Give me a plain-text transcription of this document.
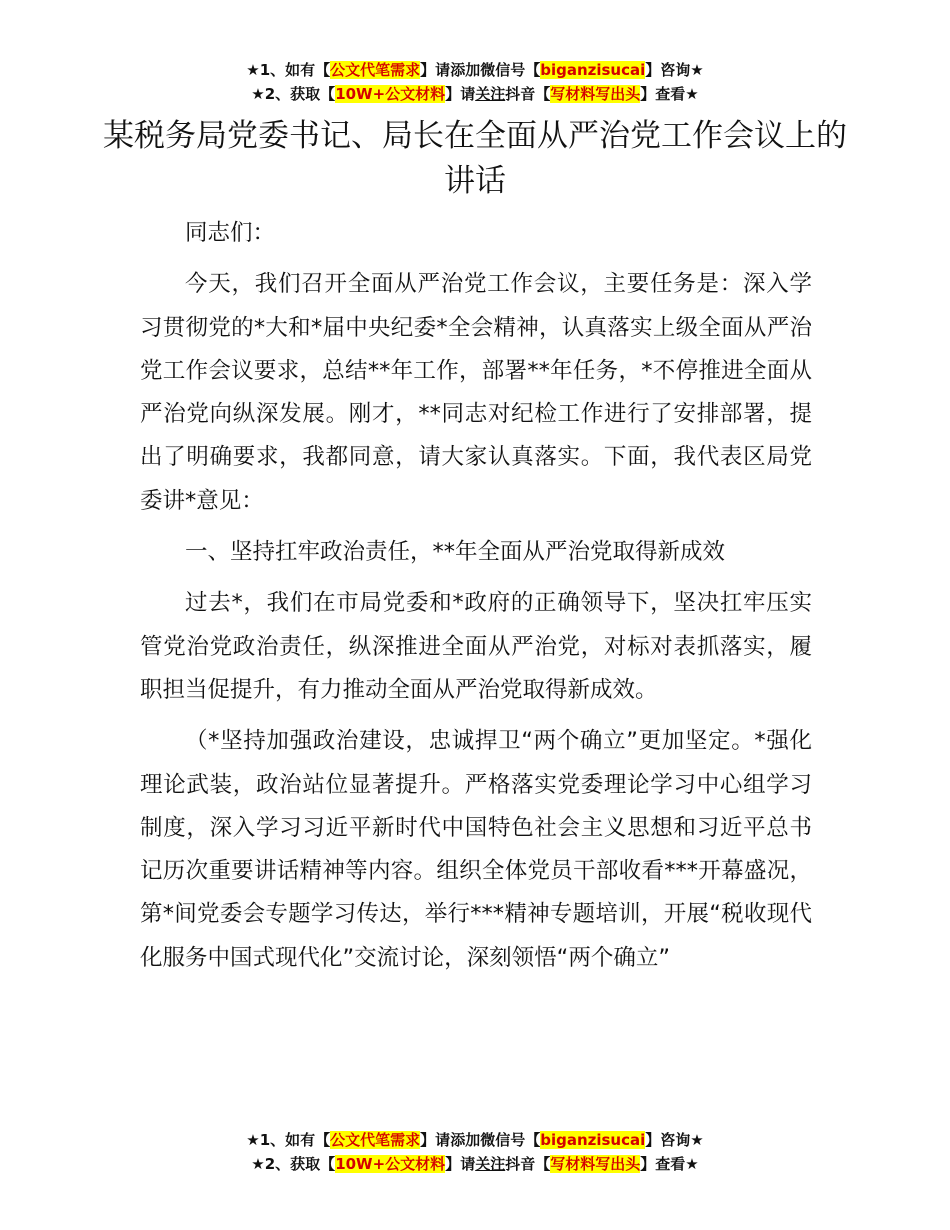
★1、如有【公文代笔需求】请添加微信号【biganzisucai】咨询★
★2、获取【10W+公文材料】请关注抖音【写材料写出头】查看★
某税务局党委书记、局长在全面从严治党工作会议上的讲话

同志们：

今天，我们召开全面从严治党工作会议，主要任务是：深入学习贯彻党的*大和*届中央纪委*全会精神，认真落实上级全面从严治党工作会议要求，总结**年工作，部署**年任务，*不停推进全面从严治党向纵深发展。刚才，**同志对纪检工作进行了安排部署，提出了明确要求，我都同意，请大家认真落实。下面，我代表区局党委讲*意见：

一、坚持扛牢政治责任，**年全面从严治党取得新成效

过去*，我们在市局党委和*政府的正确领导下，坚决扛牢压实管党治党政治责任，纵深推进全面从严治党，对标对表抓落实，履职担当促提升，有力推动全面从严治党取得新成效。

（*坚持加强政治建设，忠诚捍卫“两个确立”更加坚定。*强化理论武装，政治站位显著提升。严格落实党委理论学习中心组学习制度，深入学习习近平新时代中国特色社会主义思想和习近平总书记历次重要讲话精神等内容。组织全体党员干部收看***开幕盛况，第*间党委会专题学习传达，举行***精神专题培训，开展“税收现代化服务中国式现代化”交流讨论，深刻领悟“两个确立”

★1、如有【公文代笔需求】请添加微信号【biganzisucai】咨询★
★2、获取【10W+公文材料】请关注抖音【写材料写出头】查看★
